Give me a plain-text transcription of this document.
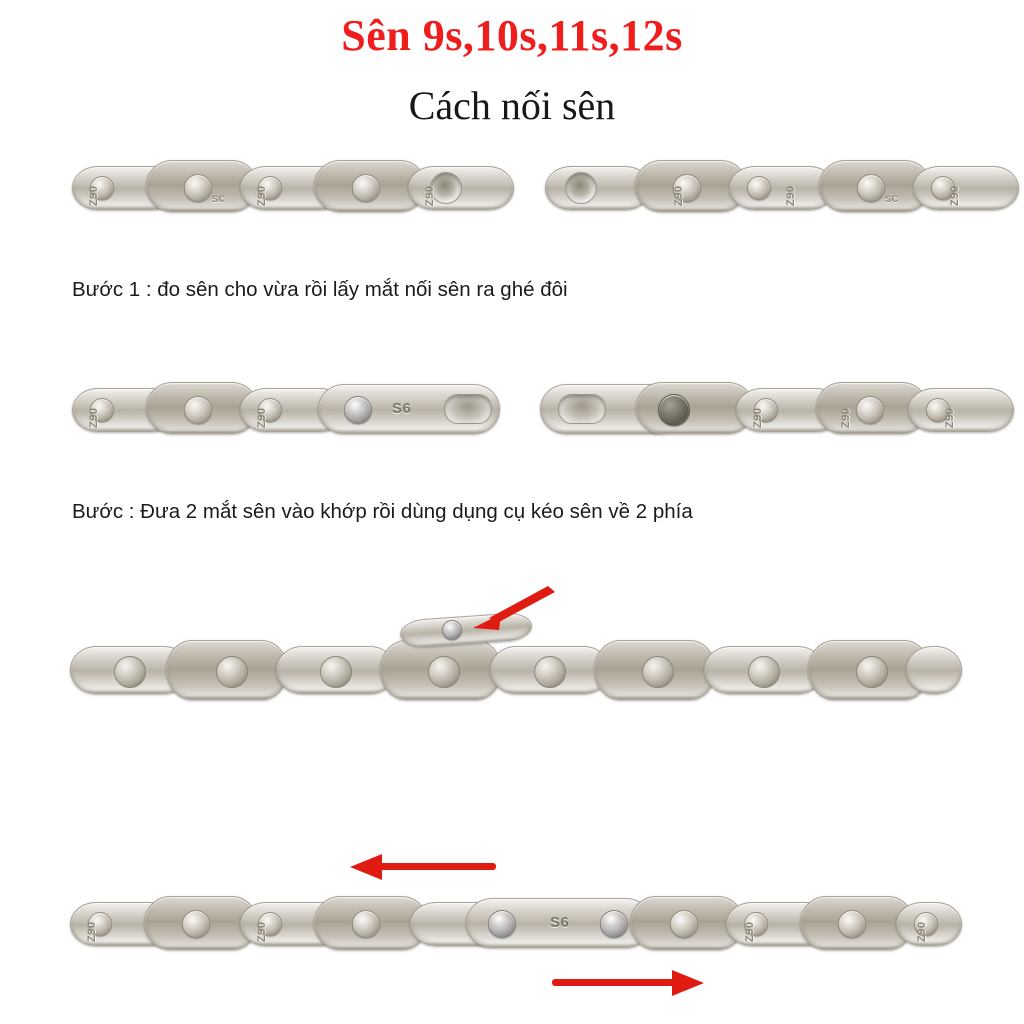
Sên 9s,10s,11s,12s
Cách nối sên
Z90	Z90	Z90
SC	Z90	Z90	Z90
SC
Bước 1 : đo sên cho vừa rồi lấy mắt nối sên ra ghé đôi
Z90	Z90	S6	Z90	Z90	Z90
Bước : Đưa 2 mắt sên vào khớp rồi dùng dụng cụ kéo sên về 2 phía
Z90	Z90	S6	Z90	Z90
